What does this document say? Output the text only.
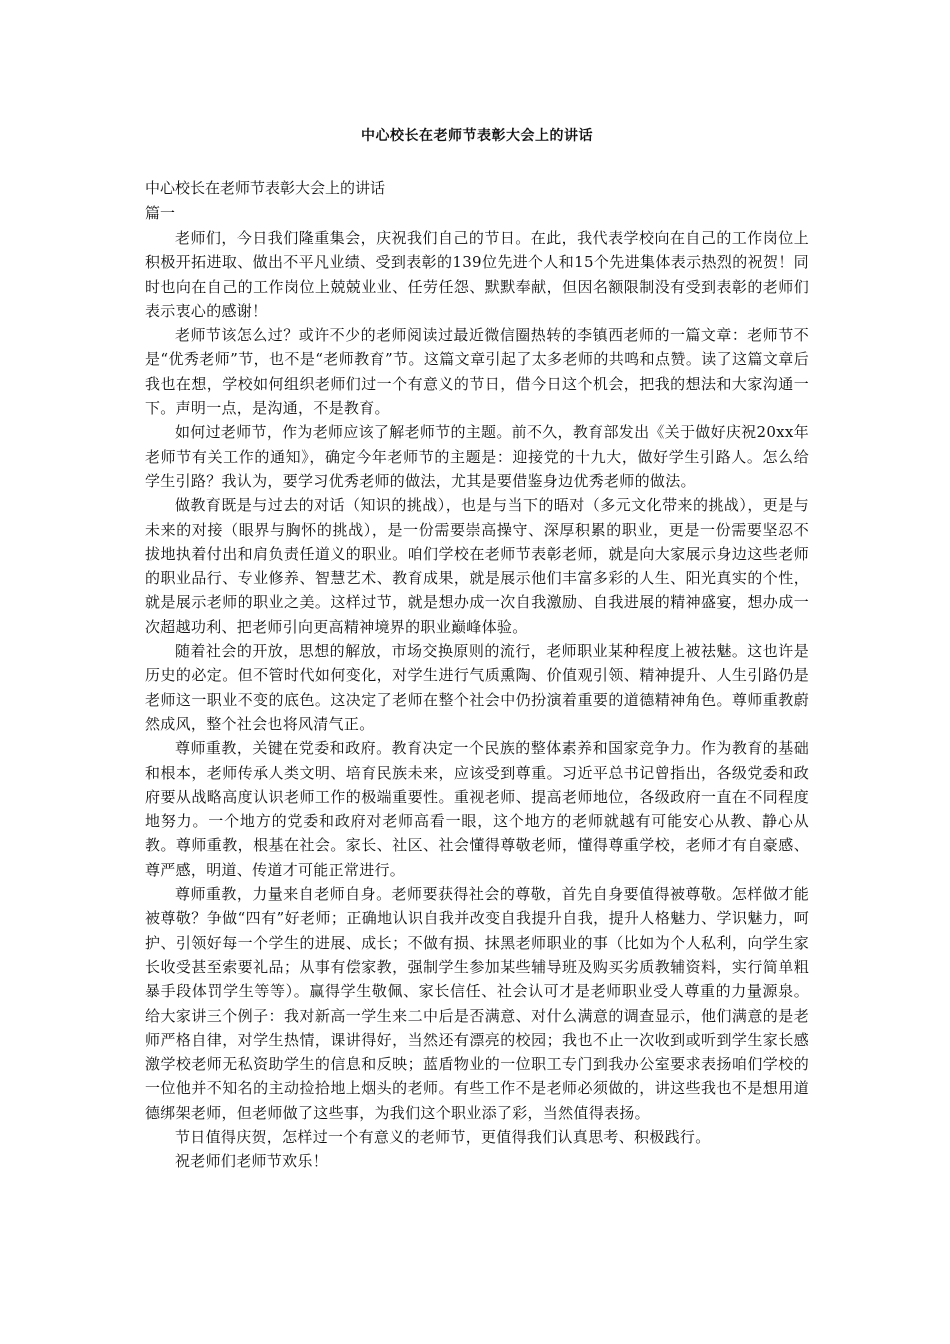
中心校长在老师节表彰大会上的讲话

中心校长在老师节表彰大会上的讲话

篇一

老师们，今日我们隆重集会，庆祝我们自己的节日。在此，我代表学校向在自己的工作岗位上积极开拓进取、做出不平凡业绩、受到表彰的139位先进个人和15个先进集体表示热烈的祝贺！同时也向在自己的工作岗位上兢兢业业、任劳任怨、默默奉献，但因名额限制没有受到表彰的老师们表示衷心的感谢！

老师节该怎么过？或许不少的老师阅读过最近微信圈热转的李镇西老师的一篇文章：老师节不是“优秀老师”节，也不是“老师教育”节。这篇文章引起了太多老师的共鸣和点赞。读了这篇文章后我也在想，学校如何组织老师们过一个有意义的节日，借今日这个机会，把我的想法和大家沟通一下。声明一点，是沟通，不是教育。

如何过老师节，作为老师应该了解老师节的主题。前不久，教育部发出《关于做好庆祝20xx年老师节有关工作的通知》，确定今年老师节的主题是：迎接党的十九大，做好学生引路人。怎么给学生引路？我认为，要学习优秀老师的做法，尤其是要借鉴身边优秀老师的做法。

做教育既是与过去的对话（知识的挑战），也是与当下的晤对（多元文化带来的挑战），更是与未来的对接（眼界与胸怀的挑战），是一份需要崇高操守、深厚积累的职业，更是一份需要坚忍不拔地执着付出和肩负责任道义的职业。咱们学校在老师节表彰老师，就是向大家展示身边这些老师的职业品行、专业修养、智慧艺术、教育成果，就是展示他们丰富多彩的人生、阳光真实的个性，就是展示老师的职业之美。这样过节，就是想办成一次自我激励、自我进展的精神盛宴，想办成一次超越功利、把老师引向更高精神境界的职业巅峰体验。

随着社会的开放，思想的解放，市场交换原则的流行，老师职业某种程度上被祛魅。这也许是历史的必定。但不管时代如何变化，对学生进行气质熏陶、价值观引领、精神提升、人生引路仍是老师这一职业不变的底色。这决定了老师在整个社会中仍扮演着重要的道德精神角色。尊师重教蔚然成风，整个社会也将风清气正。

尊师重教，关键在党委和政府。教育决定一个民族的整体素养和国家竞争力。作为教育的基础和根本，老师传承人类文明、培育民族未来，应该受到尊重。习近平总书记曾指出，各级党委和政府要从战略高度认识老师工作的极端重要性。重视老师、提高老师地位，各级政府一直在不同程度地努力。一个地方的党委和政府对老师高看一眼，这个地方的老师就越有可能安心从教、静心从教。尊师重教，根基在社会。家长、社区、社会懂得尊敬老师，懂得尊重学校，老师才有自豪感、尊严感，明道、传道才可能正常进行。

尊师重教，力量来自老师自身。老师要获得社会的尊敬，首先自身要值得被尊敬。怎样做才能被尊敬？争做“四有”好老师；正确地认识自我并改变自我提升自我，提升人格魅力、学识魅力，呵护、引领好每一个学生的进展、成长；不做有损、抹黑老师职业的事（比如为个人私利，向学生家长收受甚至索要礼品；从事有偿家教，强制学生参加某些辅导班及购买劣质教辅资料，实行简单粗暴手段体罚学生等等）。赢得学生敬佩、家长信任、社会认可才是老师职业受人尊重的力量源泉。给大家讲三个例子：我对新高一学生来二中后是否满意、对什么满意的调查显示，他们满意的是老师严格自律，对学生热情，课讲得好，当然还有漂亮的校园；我也不止一次收到或听到学生家长感激学校老师无私资助学生的信息和反映；蓝盾物业的一位职工专门到我办公室要求表扬咱们学校的一位他并不知名的主动捡拾地上烟头的老师。有些工作不是老师必须做的，讲这些我也不是想用道德绑架老师，但老师做了这些事，为我们这个职业添了彩，当然值得表扬。

节日值得庆贺，怎样过一个有意义的老师节，更值得我们认真思考、积极践行。

祝老师们老师节欢乐！
